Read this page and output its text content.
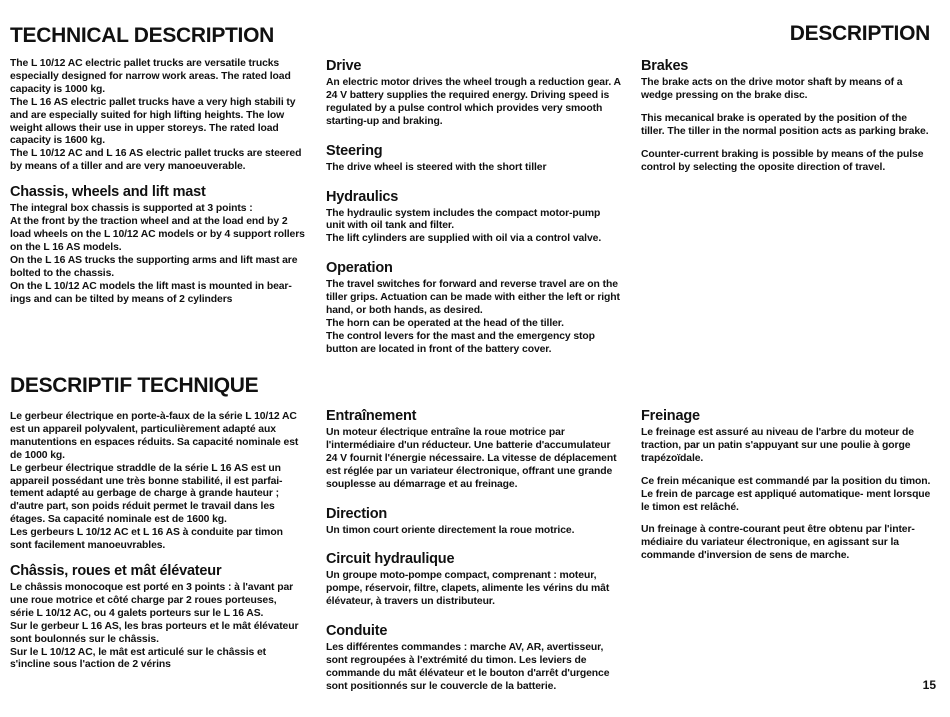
TECHNICAL DESCRIPTION	DESCRIPTION

The L 10/12 AC electric pallet trucks are versatile trucks especially designed for narrow work areas. The rated load capacity is 1000 kg.

The L 16 AS electric pallet trucks have a very high stabili ty and are especially suited for high lifting heights. The low weight allows their use in upper storeys. The rated load capacity is 1600 kg.

The L 10/12 AC and L 16 AS electric pallet trucks are steered by means of a tiller and are very manoeuverable.

Chassis, wheels and lift mast

The integral box chassis is supported at 3 points :

At the front by the traction wheel and at the load end by 2 load wheels on the L 10/12 AC models or by 4 support rollers on the L 16 AS models.

On the L 16 AS trucks the supporting arms and lift mast are bolted to the chassis.

On the L 10/12 AC models the lift mast is mounted in bear- ings and can be tilted by means of 2 cylinders

Drive

An electric motor drives the wheel trough a reduction gear. A 24 V battery supplies the required energy. Driving speed is regulated by a pulse control which provides very smooth starting-up and braking.

Steering

The drive wheel is steered with the short tiller

Hydraulics

The hydraulic system includes the compact motor-pump unit with oil tank and filter.

The lift cylinders are supplied with oil via a control valve.

Operation

The travel switches for forward and reverse travel are on the tiller grips. Actuation can be made with either the left or right hand, or both hands, as desired.

The horn can be operated at the head of the tiller.

The control levers for the mast and the emergency stop button are located in front of the battery cover.

Brakes

The brake acts on the drive motor shaft by means of a wedge pressing on the brake disc.

This mecanical brake is operated by the position of the tiller. The tiller in the normal position acts as parking brake.

Counter-current braking is possible by means of the pulse control by selecting the oposite direction of travel.

DESCRIPTIF TECHNIQUE

Le gerbeur électrique en porte-à-faux de la série L 10/12 AC est un appareil polyvalent, particulièrement adapté aux manutentions en espaces réduits. Sa capacité nominale est de 1000 kg.

Le gerbeur électrique straddle de la série L 16 AS est un appareil possédant une très bonne stabilité, il est parfai- tement adapté au gerbage de charge à grande hauteur ; d'autre part, son poids réduit permet le travail dans les étages. Sa capacité nominale est de 1600 kg.

Les gerbeurs L 10/12 AC et L 16 AS à conduite par timon sont facilement manoeuvrables.

Châssis, roues et mât élévateur

Le châssis monocoque est porté en 3 points : à l'avant par une roue motrice et côté charge par 2 roues porteuses, série L 10/12 AC, ou 4 galets porteurs sur le L 16 AS.

Sur le gerbeur L 16 AS, les bras porteurs et le mât élévateur sont boulonnés sur le châssis.

Sur le L 10/12 AC, le mât est articulé sur le châssis et s'incline sous l'action de 2 vérins

Entraînement

Un moteur électrique entraîne la roue motrice par l'intermédiaire d'un réducteur. Une batterie d'accumulateur 24 V fournit l'énergie nécessaire. La vitesse de déplacement est réglée par un variateur électronique, offrant une grande souplesse au démarrage et au freinage.

Direction

Un timon court oriente directement la roue motrice.

Circuit hydraulique

Un groupe moto-pompe compact, comprenant : moteur, pompe, réservoir, filtre, clapets, alimente les vérins du mât élévateur, à travers un distributeur.

Conduite

Les différentes commandes : marche AV, AR, avertisseur, sont regroupées à l'extrémité du timon. Les leviers de commande du mât élévateur et le bouton d'arrêt d'urgence sont positionnés sur le couvercle de la batterie.

Freinage

Le freinage est assuré au niveau de l'arbre du moteur de traction, par un patin s'appuyant sur une poulie à gorge trapézoïdale.

Ce frein mécanique est commandé par la position du timon. Le frein de parcage est appliqué automatique- ment lorsque le timon est relâché.

Un freinage à contre-courant peut être obtenu par l'inter- médiaire du variateur électronique, en agissant sur la commande d'inversion de sens de marche.

15
